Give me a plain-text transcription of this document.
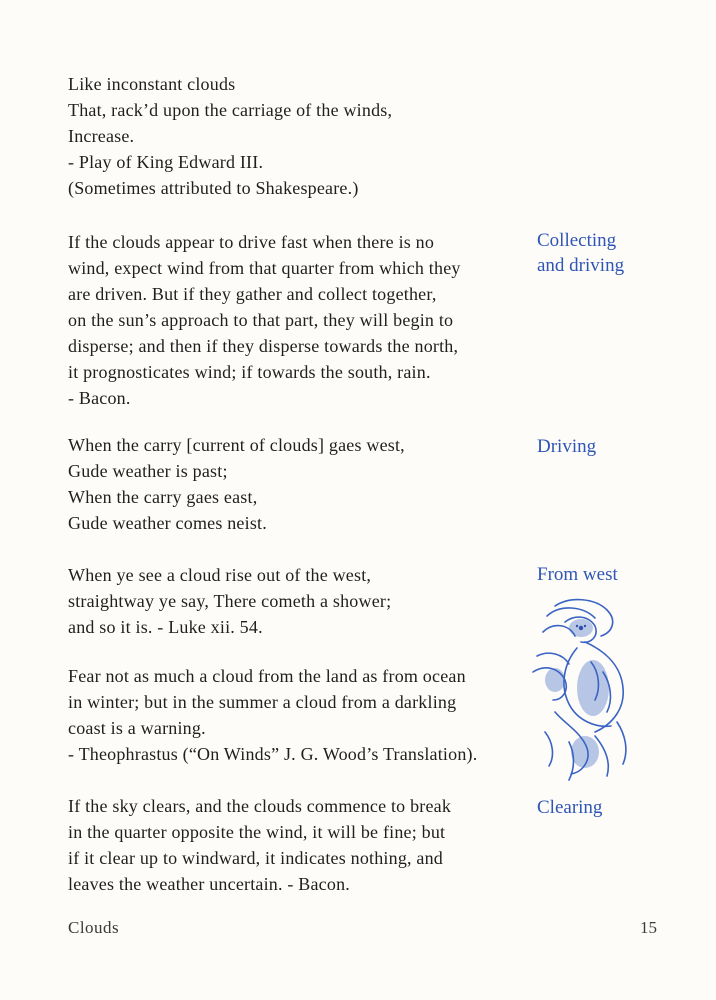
Like inconstant clouds
That, rack’d upon the carriage of the winds,
Increase.
- Play of King Edward III.
(Sometimes attributed to Shakespeare.)
If the clouds appear to drive fast when there is no
wind, expect wind from that quarter from which they
are driven. But if they gather and collect together,
on the sun’s approach to that part, they will begin to
disperse; and then if they disperse towards the north,
it prognosticates wind; if towards the south, rain.
- Bacon.
Collecting
and driving
When the carry [current of clouds] gaes west,
Gude weather is past;
When the carry gaes east,
Gude weather comes neist.
Driving
When ye see a cloud rise out of the west,
straightway ye say, There cometh a shower;
and so it is. - Luke xii. 54.
From west
Fear not as much a cloud from the land as from ocean
in winter; but in the summer a cloud from a darkling
coast is a warning.
- Theophrastus (“On Winds” J. G. Wood’s Translation).
If the sky clears, and the clouds commence to break
in the quarter opposite the wind, it will be fine; but
if it clear up to windward, it indicates nothing, and
leaves the weather uncertain. - Bacon.
Clearing
Clouds	15
